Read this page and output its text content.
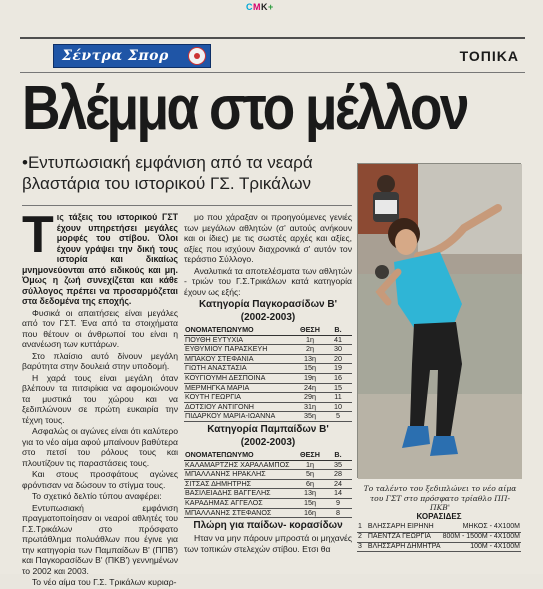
CMK+
Σέντρα Σπορ	ΤΟΠΙΚΑ
Βλέμμα στο μέλλον
•Εντυπωσιακή εμφάνιση από τα νεαρά βλαστάρια του ιστορικού ΓΣ. Τρικάλων
Τ ις τάξεις του ιστορικού ΓΣΤ έχουν υπηρετήσει μεγάλες μορφές του στίβου. Όλοι έχουν γράψει την δική τους ιστορία και δικαίως μνημονεύονται από ειδικούς και μη. Όμως η ζωή συνεχίζεται και κάθε σύλλογος πρέπει να προσαρμόζεται στα δεδομένα της εποχής.

Φυσικά οι απαιτήσεις είναι μεγάλες από τον ΓΣΤ. Ένα από τα στοιχήματα που θέτουν οι άνθρωποί του είναι η ανανέωση των κυττάρων.

Στο πλαίσιο αυτό δίνουν μεγάλη βαρύτητα στην δουλειά στην υποδομή.

Η χαρά τους είναι μεγάλη όταν βλέπουν τα πιτσιρίκια να αφομοιώνουν τα μυστικά του χώρου και να ξεδιπλώνουν σε πρώτη ευκαιρία την τέχνη τους.

Ασφαλώς οι αγώνες είναι ότι καλύτερο για το νέο αίμα αφού μπαίνουν βαθύτερα στο πετσί του ρόλους τους και πλουτίζουν τις παραστάσεις τους.

Και στους προσφάτους αγώνες φρόντισαν να δώσουν το στίγμα τους.

Το σχετικό δελτίο τύπου αναφέρει:

Εντυπωσιακή εμφάνιση πραγματοποίησαν οι νεαροί αθλητές του Γ.Σ.Τρικάλων στο πρόσφατο πρωτάθλημα πολυάθλων που έγινε για την κατηγορία των Παμπαίδων Β' (ΠΠΒ') και Παγκορασίδων Β' (ΠΚΒ') γεννημένων το 2002 και 2003.

Το νέο αίμα του Γ.Σ. Τρικάλων κυριαρ-

μο που χάραξαν οι προηγούμενες γενιές των μεγάλων αθλητών (σ' αυτούς ανήκουν και οι ίδιες) με τις σωστές αρχές και αξίες, αξίες που ισχύουν διαχρονικά σ' αυτόν τον τεράστιο Σύλλογο.

Αναλυτικά τα αποτελέσματα των αθλητών - τριών του Γ.Σ.Τρικάλων κατά κατηγορία έχουν ως εξής:

Κατηγορία Παγκορασίδων Β'
(2002-2003)
ΟΝΟΜΑΤΕΠΩΝΥΜΟ	ΘΕΣΗ	Β.
ΠΟΥΘΗ ΕΥΤΥΧΙΑ	1η	41
ΕΥΘΥΜΙΟΥ ΠΑΡΑΣΚΕΥΗ	2η	30
ΜΠΑΚΟΥ ΣΤΕΦΑΝΙΑ	13η	20
ΓΙΩΤΗ ΑΝΑΣΤΑΣΙΑ	15η	19
ΚΟΥΓΙΟΥΜΗ ΔΕΣΠΟΙΝΑ	19η	16
ΜΕΡΜΗΓΚΑ ΜΑΡΙΑ	24η	15
ΚΟΥΤΗ ΓΕΩΡΓΙΑ	29η	11
ΔΟΤΣΙΟΥ ΑΝΤΙΓΟΝΗ	31η	10
ΠΙΔΑΡΚΟΥ ΜΑΡΙΑ-ΙΩΑΝΝΑ	35η	5
Κατηγορία Παμπαίδων Β'
(2002-2003)
ΟΝΟΜΑΤΕΠΩΝΥΜΟ	ΘΕΣΗ	Β.
ΚΑΛΑΜΑΡΤΖΗΣ ΧΑΡΑΛΑΜΠΟΣ	1η	35
ΜΠΑΛΛΑΝΗΣ ΗΡΑΚΛΗΣ	5η	28
ΣΙΤΣΑΣ ΔΗΜΗΤΡΗΣ	6η	24
ΒΑΣΙΛΕΙΑΔΗΣ ΒΑΓΓΕΛΗΣ	13η	14
ΚΑΡΑΔΗΜΑΣ ΑΓΓΕΛΟΣ	15η	9
ΜΠΑΛΛΑΝΗΣ ΣΤΕΦΑΝΟΣ	16η	8
Πλώρη για παίδων- κορασίδων

Ηταν να μην πάρουν μπροστά οι μηχανές των τοπικών στελεχών στίβου. Ετσι θα

Το ταλέντο του ξεδιπλώνει το νέο αίμα του ΓΣΤ στο πρόσφατο τρίαθλο ΠΠ-ΠΚΒ'
ΚΟΡΑΣΙΔΕΣ
1	ΒΛΗΣΣΑΡΗ ΕΙΡΗΝΗ	ΜΗΚΟΣ - 4Χ100Μ
2	ΠΑΕΝΤΖΑ ΓΕΩΡΓΙΑ	800Μ - 1500Μ - 4Χ100Μ
3	ΒΛΗΣΣΑΡΗ ΔΗΜΗΤΡΑ	100Μ - 4Χ100Μ
